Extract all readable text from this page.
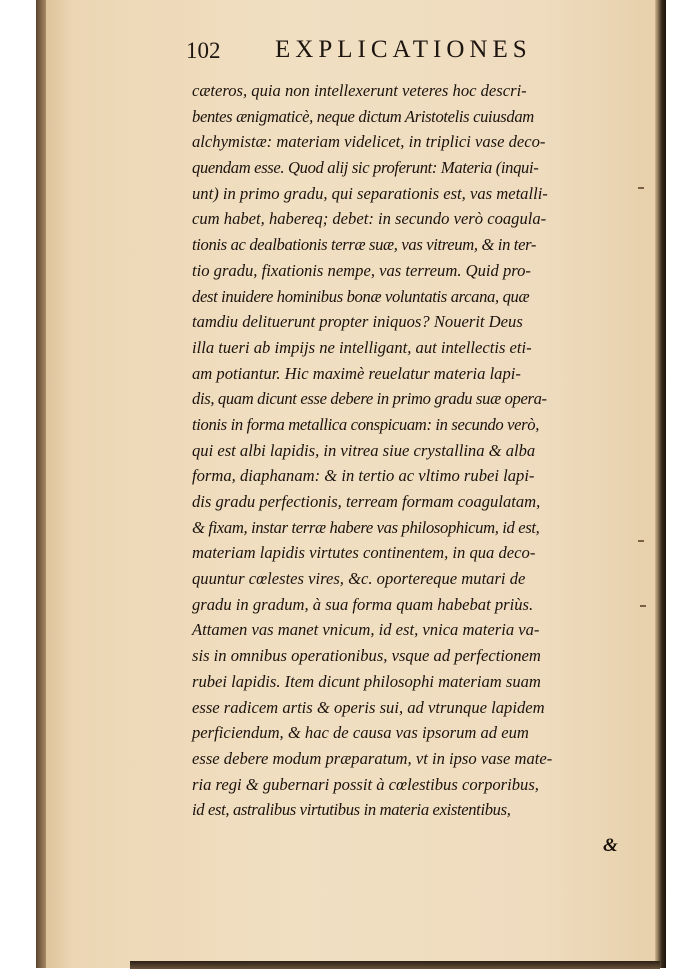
102 EXPLICATIONES
cæteros, quia non intellexerunt veteres hoc descri-
bentes ænigmaticè, neque dictum Aristotelis cuiusdam
alchymistæ: materiam videlicet, in triplici vase deco-
quendam esse. Quod alij sic proferunt: Materia (inqui-
unt) in primo gradu, qui separationis est, vas metalli-
cum habet, habereq; debet: in secundo verò coagula-
tionis ac dealbationis terræ suæ, vas vitreum, & in ter-
tio gradu, fixationis nempe, vas terreum. Quid pro-
dest inuidere hominibus bonæ voluntatis arcana, quæ
tamdiu delituerunt propter iniquos? Nouerit Deus
illa tueri ab impijs ne intelligant, aut intellectis eti-
am potiantur. Hic maximè reuelatur materia lapi-
dis, quam dicunt esse debere in primo gradu suæ opera-
tionis in forma metallica conspicuam: in secundo verò,
qui est albi lapidis, in vitrea siue crystallina & alba
forma, diaphanam: & in tertio ac vltimo rubei lapi-
dis gradu perfectionis, terream formam coagulatam,
& fixam, instar terræ habere vas philosophicum, id est,
materiam lapidis virtutes continentem, in qua deco-
quuntur cœlestes vires, &c. oportereque mutari de
gradu in gradum, à sua forma quam habebat priùs.
Attamen vas manet vnicum, id est, vnica materia va-
sis in omnibus operationibus, vsque ad perfectionem
rubei lapidis. Item dicunt philosophi materiam suam
esse radicem artis & operis sui, ad vtrunque lapidem
perficiendum, & hac de causa vas ipsorum ad eum
esse debere modum præparatum, vt in ipso vase mate-
ria regi & gubernari possit à cœlestibus corporibus,
id est, astralibus virtutibus in materia existentibus,
&
